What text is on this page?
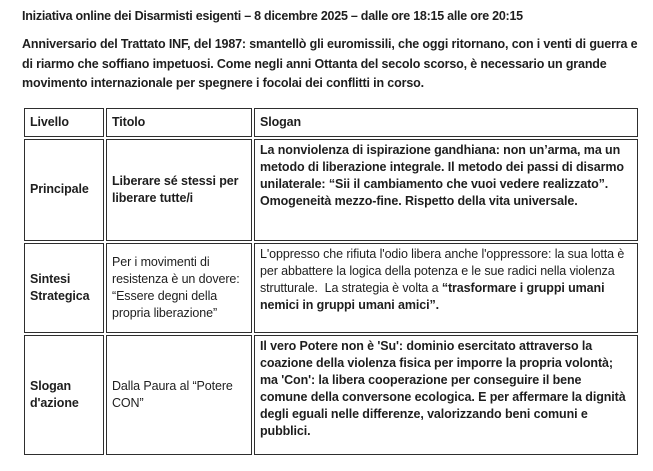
Iniziativa online dei Disarmisti esigenti – 8 dicembre 2025 – dalle ore 18:15 alle ore 20:15

Anniversario del Trattato INF, del 1987: smantellò gli euromissili, che oggi ritornano, con i venti di guerra e di riarmo che soffiano impetuosi. Come negli anni Ottanta del secolo scorso, è necessario un grande movimento internazionale per spegnere i focolai dei conflitti in corso.

Livello	Titolo	Slogan
Principale	Liberare sé stessi per liberare tutte/i	La nonviolenza di ispirazione gandhiana: non un’arma, ma un metodo di liberazione integrale. Il metodo dei passi di disarmo unilaterale: “Sii il cambiamento che vuoi vedere realizzato”. Omogeneità mezzo-fine. Rispetto della vita universale.
Sintesi Strategica	Per i movimenti di resistenza è un dovere: “Essere degni della propria liberazione”	L'oppresso che rifiuta l'odio libera anche l'oppressore: la sua lotta è per abbattere la logica della potenza e le sue radici nella violenza strutturale.  La strategia è volta a “trasformare i gruppi umani nemici in gruppi umani amici”.
Slogan d'azione	Dalla Paura al “Potere CON”	Il vero Potere non è 'Su': dominio esercitato attraverso la coazione della violenza fisica per imporre la propria volontà; ma 'Con': la libera cooperazione per conseguire il bene comune della conversone ecologica. E per affermare la dignità degli eguali nelle differenze, valorizzando beni comuni e pubblici.
